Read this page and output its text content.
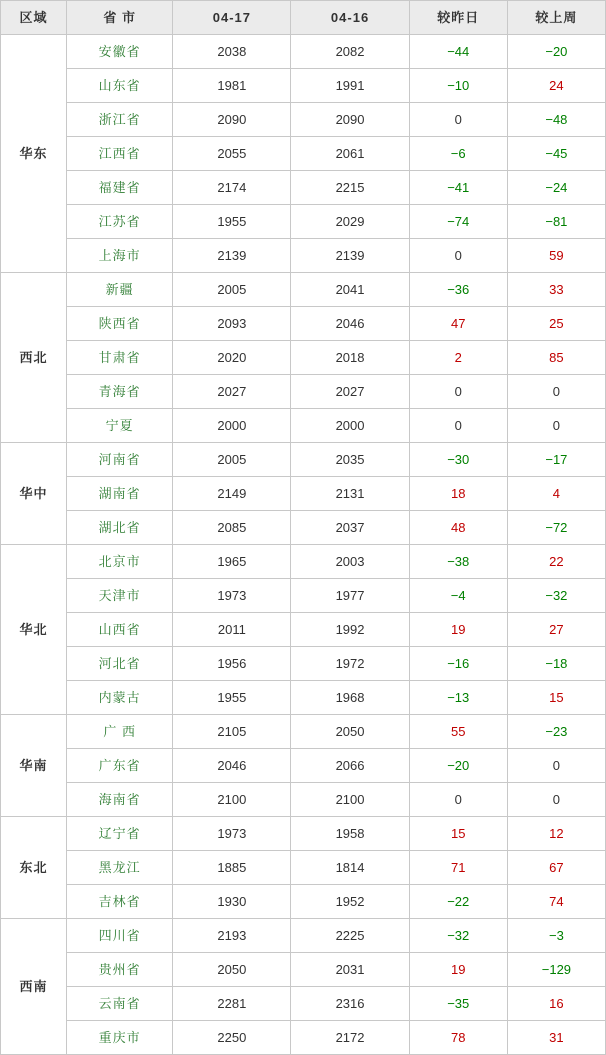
区域	省 市	04-17	04-16	较昨日	较上周
华东	安徽省	2038	2082	−44	−20
	山东省	1981	1991	−10	24
	浙江省	2090	2090	0	−48
	江西省	2055	2061	−6	−45
	福建省	2174	2215	−41	−24
	江苏省	1955	2029	−74	−81
	上海市	2139	2139	0	59
西北	新疆	2005	2041	−36	33
	陕西省	2093	2046	47	25
	甘肃省	2020	2018	2	85
	青海省	2027	2027	0	0
	宁夏	2000	2000	0	0
华中	河南省	2005	2035	−30	−17
	湖南省	2149	2131	18	4
	湖北省	2085	2037	48	−72
华北	北京市	1965	2003	−38	22
	天津市	1973	1977	−4	−32
	山西省	2011	1992	19	27
	河北省	1956	1972	−16	−18
	内蒙古	1955	1968	−13	15
华南	广 西	2105	2050	55	−23
	广东省	2046	2066	−20	0
	海南省	2100	2100	0	0
东北	辽宁省	1973	1958	15	12
	黑龙江	1885	1814	71	67
	吉林省	1930	1952	−22	74
西南	四川省	2193	2225	−32	−3
	贵州省	2050	2031	19	−129
	云南省	2281	2316	−35	16
	重庆市	2250	2172	78	31
